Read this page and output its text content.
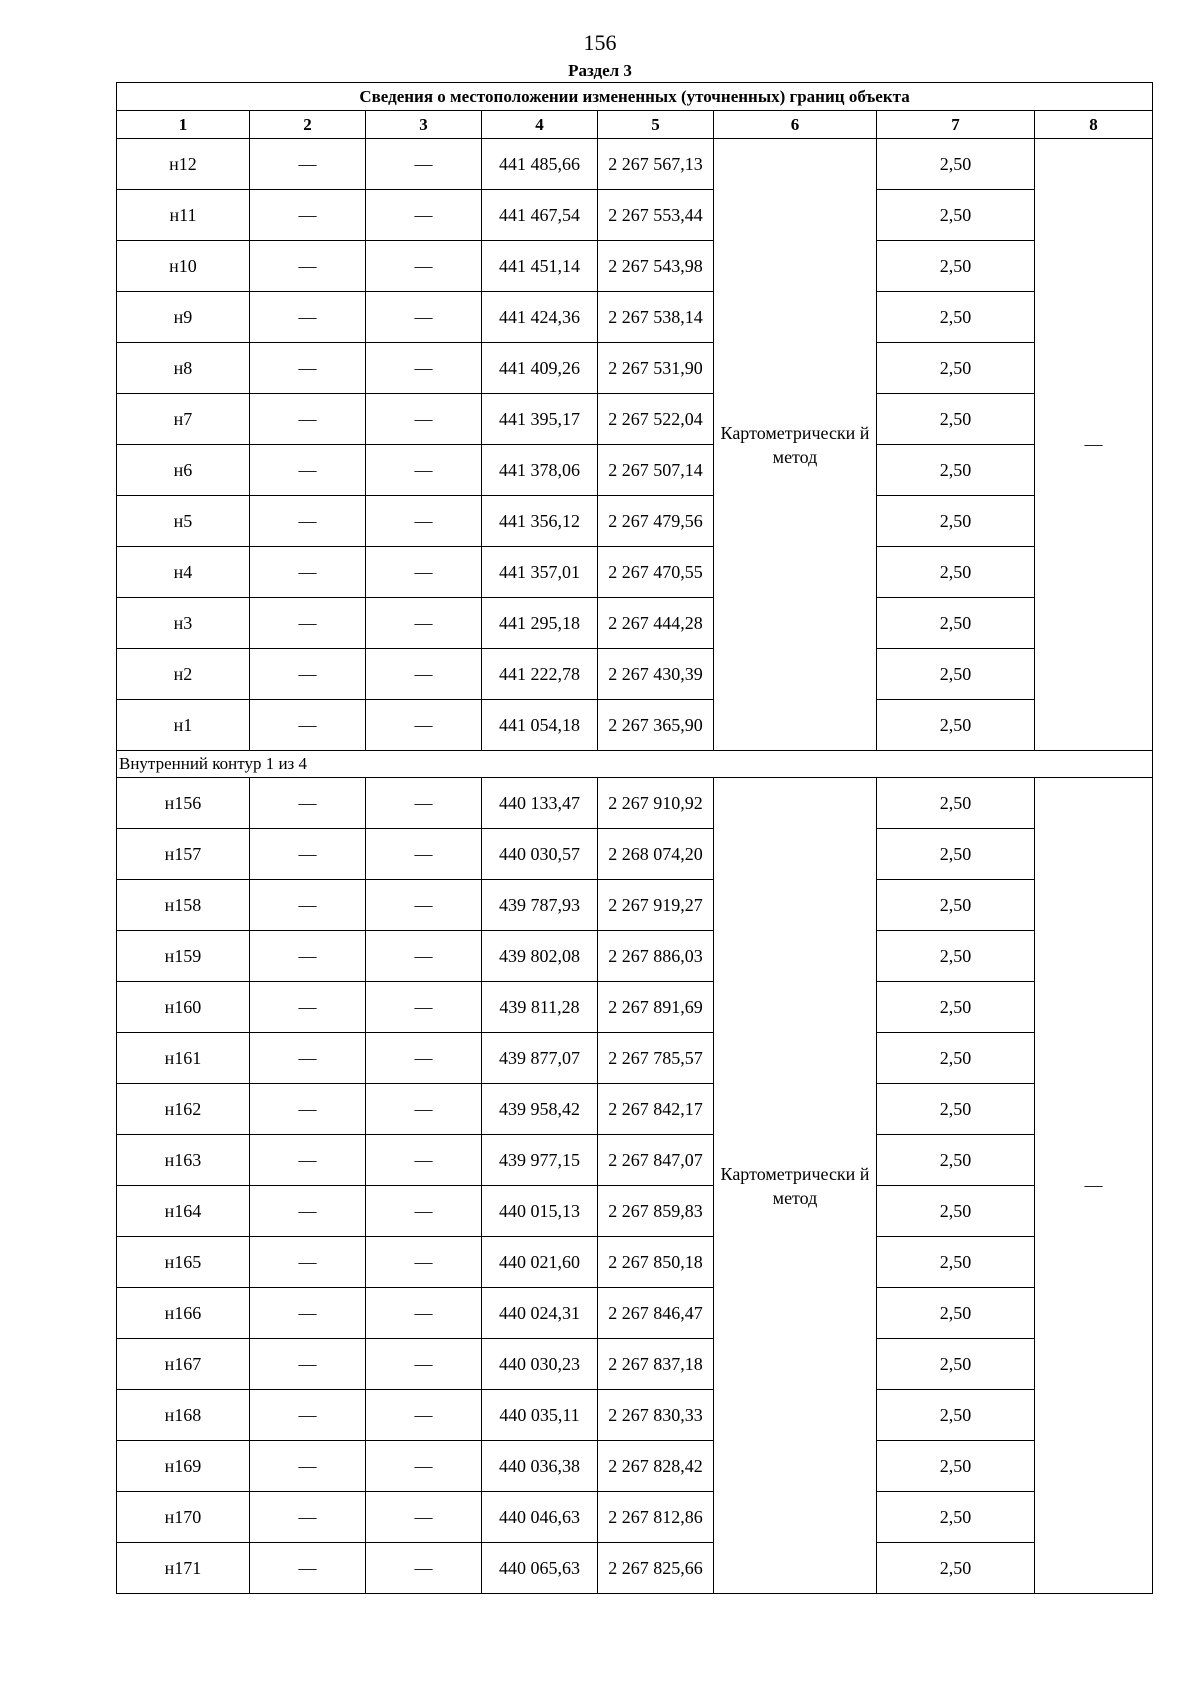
156
Раздел 3
Сведения о местоположении измененных (уточненных) границ объекта							
1	2	3	4	5	6	7	8
н12	—	—	441 485,66	2 267 567,13	Картометрически й метод	2,50	—
н11	—	—	441 467,54	2 267 553,44		2,50	
н10	—	—	441 451,14	2 267 543,98		2,50	
н9	—	—	441 424,36	2 267 538,14		2,50	
н8	—	—	441 409,26	2 267 531,90		2,50	
н7	—	—	441 395,17	2 267 522,04		2,50	
н6	—	—	441 378,06	2 267 507,14		2,50	
н5	—	—	441 356,12	2 267 479,56		2,50	
н4	—	—	441 357,01	2 267 470,55		2,50	
н3	—	—	441 295,18	2 267 444,28		2,50	
н2	—	—	441 222,78	2 267 430,39		2,50	
н1	—	—	441 054,18	2 267 365,90		2,50	
Внутренний контур 1 из 4							
н156	—	—	440 133,47	2 267 910,92	Картометрически й метод	2,50	—
н157	—	—	440 030,57	2 268 074,20		2,50	
н158	—	—	439 787,93	2 267 919,27		2,50	
н159	—	—	439 802,08	2 267 886,03		2,50	
н160	—	—	439 811,28	2 267 891,69		2,50	
н161	—	—	439 877,07	2 267 785,57		2,50	
н162	—	—	439 958,42	2 267 842,17		2,50	
н163	—	—	439 977,15	2 267 847,07		2,50	
н164	—	—	440 015,13	2 267 859,83		2,50	
н165	—	—	440 021,60	2 267 850,18		2,50	
н166	—	—	440 024,31	2 267 846,47		2,50	
н167	—	—	440 030,23	2 267 837,18		2,50	
н168	—	—	440 035,11	2 267 830,33		2,50	
н169	—	—	440 036,38	2 267 828,42		2,50	
н170	—	—	440 046,63	2 267 812,86		2,50	
н171	—	—	440 065,63	2 267 825,66		2,50	
